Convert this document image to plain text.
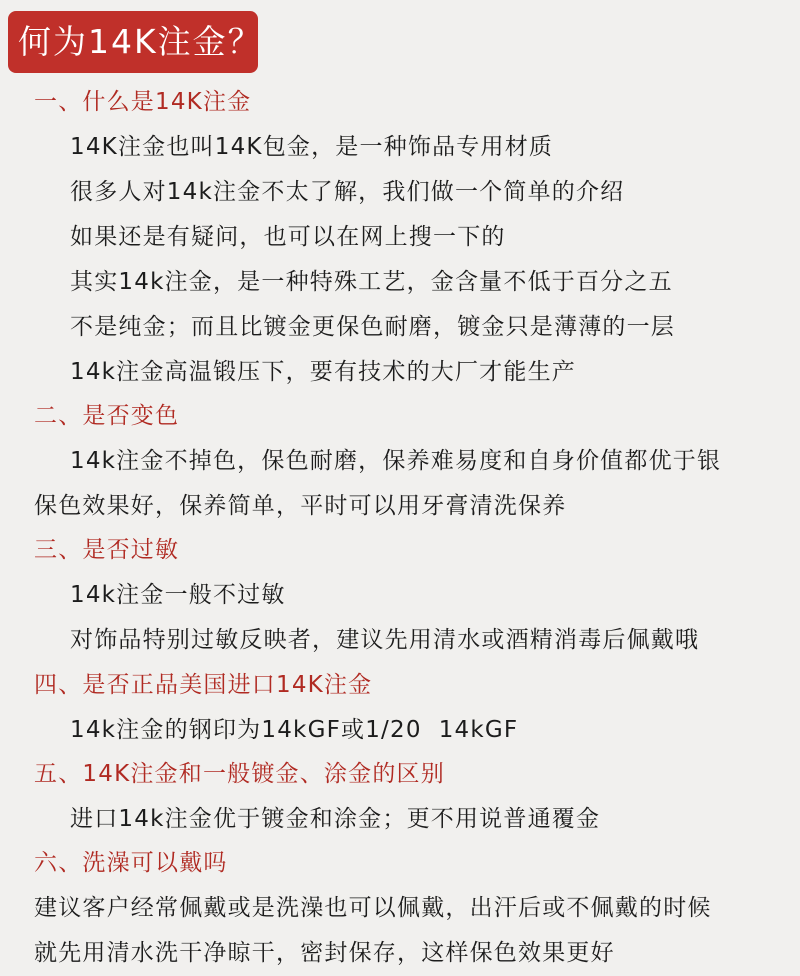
何为14K注金？
一、什么是14K注金
14K注金也叫14K包金，是一种饰品专用材质
很多人对14k注金不太了解，我们做一个简单的介绍
如果还是有疑问，也可以在网上搜一下的
其实14k注金，是一种特殊工艺，金含量不低于百分之五
不是纯金；而且比镀金更保色耐磨，镀金只是薄薄的一层
14k注金高温锻压下，要有技术的大厂才能生产
二、是否变色
14k注金不掉色，保色耐磨，保养难易度和自身价值都优于银
保色效果好，保养简单，平时可以用牙膏清洗保养
三、是否过敏
14k注金一般不过敏
对饰品特别过敏反映者，建议先用清水或酒精消毒后佩戴哦
四、是否正品美国进口14K注金
14k注金的钢印为14kGF或1/20  14kGF
五、14K注金和一般镀金、涂金的区别
进口14k注金优于镀金和涂金；更不用说普通覆金
六、洗澡可以戴吗
建议客户经常佩戴或是洗澡也可以佩戴，出汗后或不佩戴的时候
就先用清水洗干净晾干，密封保存，这样保色效果更好
